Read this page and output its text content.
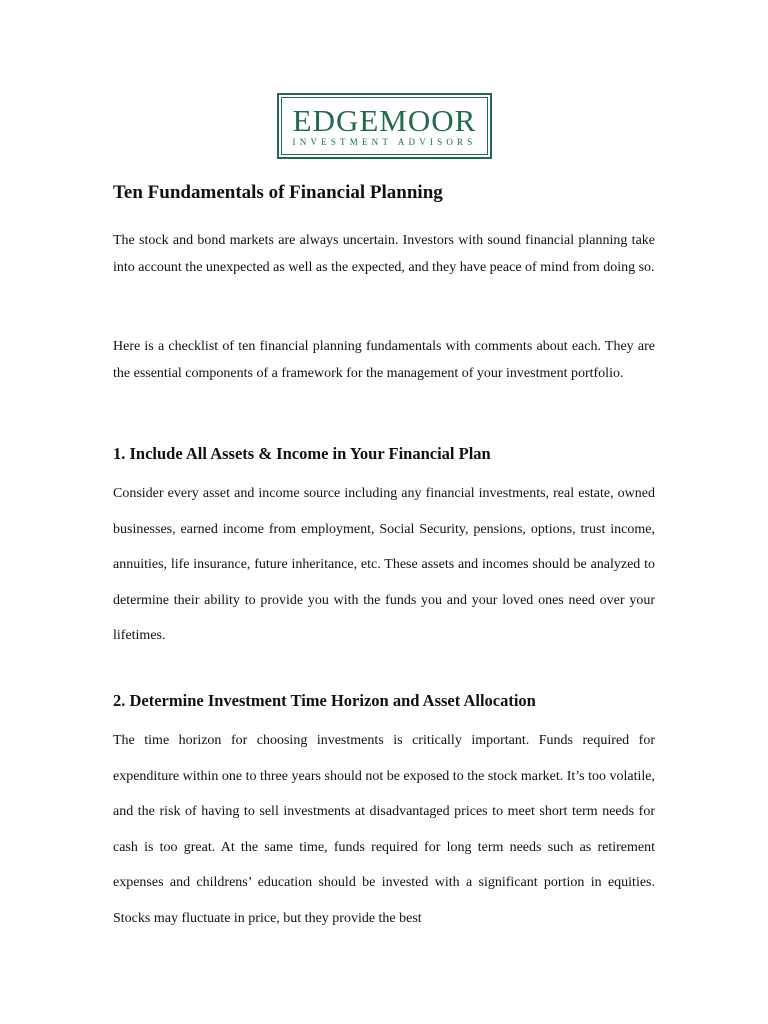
EDGEMOOR
INVESTMENT ADVISORS
Ten Fundamentals of Financial Planning

The stock and bond markets are always uncertain. Investors with sound financial planning take into account the unexpected as well as the expected, and they have peace of mind from doing so.

Here is a checklist of ten financial planning fundamentals with comments about each. They are the essential components of a framework for the management of your investment portfolio.

1. Include All Assets & Income in Your Financial Plan

Consider every asset and income source including any financial investments, real estate, owned businesses, earned income from employment, Social Security, pensions, options, trust income, annuities, life insurance, future inheritance, etc. These assets and incomes should be analyzed to determine their ability to provide you with the funds you and your loved ones need over your lifetimes.

2. Determine Investment Time Horizon and Asset Allocation

The time horizon for choosing investments is critically important. Funds required for expenditure within one to three years should not be exposed to the stock market. It’s too volatile, and the risk of having to sell investments at disadvantaged prices to meet short term needs for cash is too great. At the same time, funds required for long term needs such as retirement expenses and childrens’ education should be invested with a significant portion in equities. Stocks may fluctuate in price, but they provide the best
